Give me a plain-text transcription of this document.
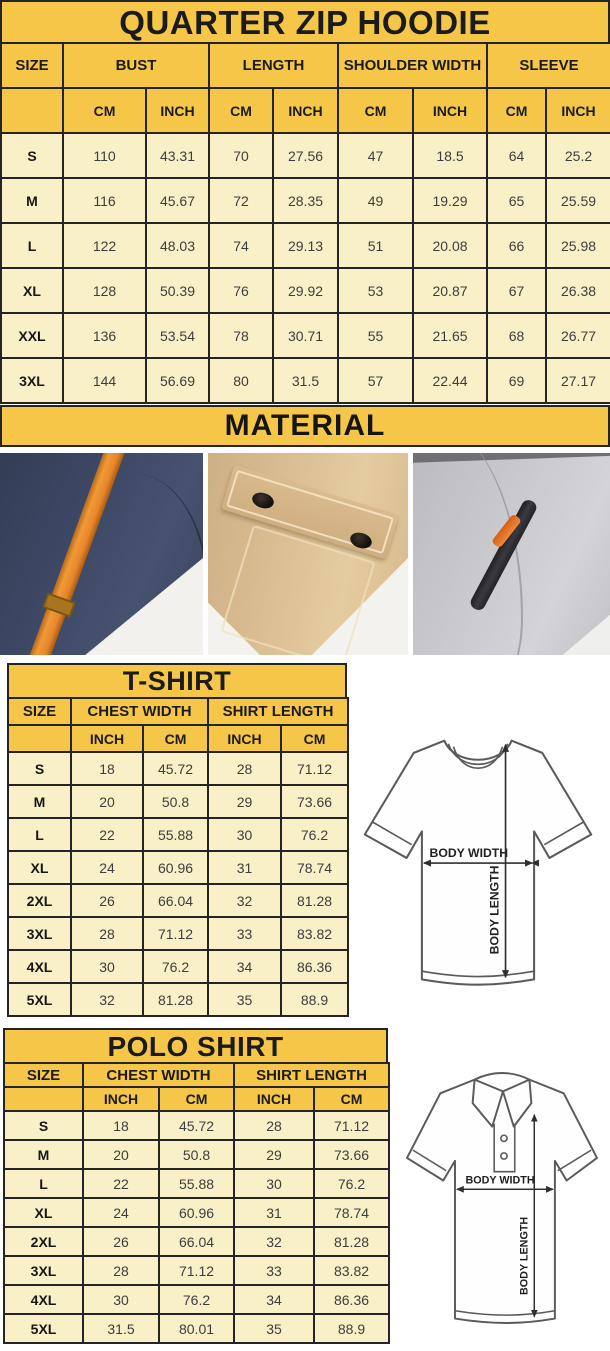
QUARTER ZIP HOODIE
SIZE	BUST		LENGTH		SHOULDER WIDTH		SLEEVE	
	CM	INCH	CM	INCH	CM	INCH	CM	INCH
S	110	43.31	70	27.56	47	18.5	64	25.2
M	116	45.67	72	28.35	49	19.29	65	25.59
L	122	48.03	74	29.13	51	20.08	66	25.98
XL	128	50.39	76	29.92	53	20.87	67	26.38
XXL	136	53.54	78	30.71	55	21.65	68	26.77
3XL	144	56.69	80	31.5	57	22.44	69	27.17
MATERIAL
T-SHIRT
SIZE	CHEST WIDTH		SHIRT LENGTH	
	INCH	CM	INCH	CM
S	18	45.72	28	71.12
M	20	50.8	29	73.66
L	22	55.88	30	76.2
XL	24	60.96	31	78.74
2XL	26	66.04	32	81.28
3XL	28	71.12	33	83.82
4XL	30	76.2	34	86.36
5XL	32	81.28	35	88.9
BODY WIDTH
BODY LENGTH
POLO SHIRT
SIZE	CHEST WIDTH		SHIRT LENGTH	
	INCH	CM	INCH	CM
S	18	45.72	28	71.12
M	20	50.8	29	73.66
L	22	55.88	30	76.2
XL	24	60.96	31	78.74
2XL	26	66.04	32	81.28
3XL	28	71.12	33	83.82
4XL	30	76.2	34	86.36
5XL	31.5	80.01	35	88.9
BODY WIDTH
BODY LENGTH
